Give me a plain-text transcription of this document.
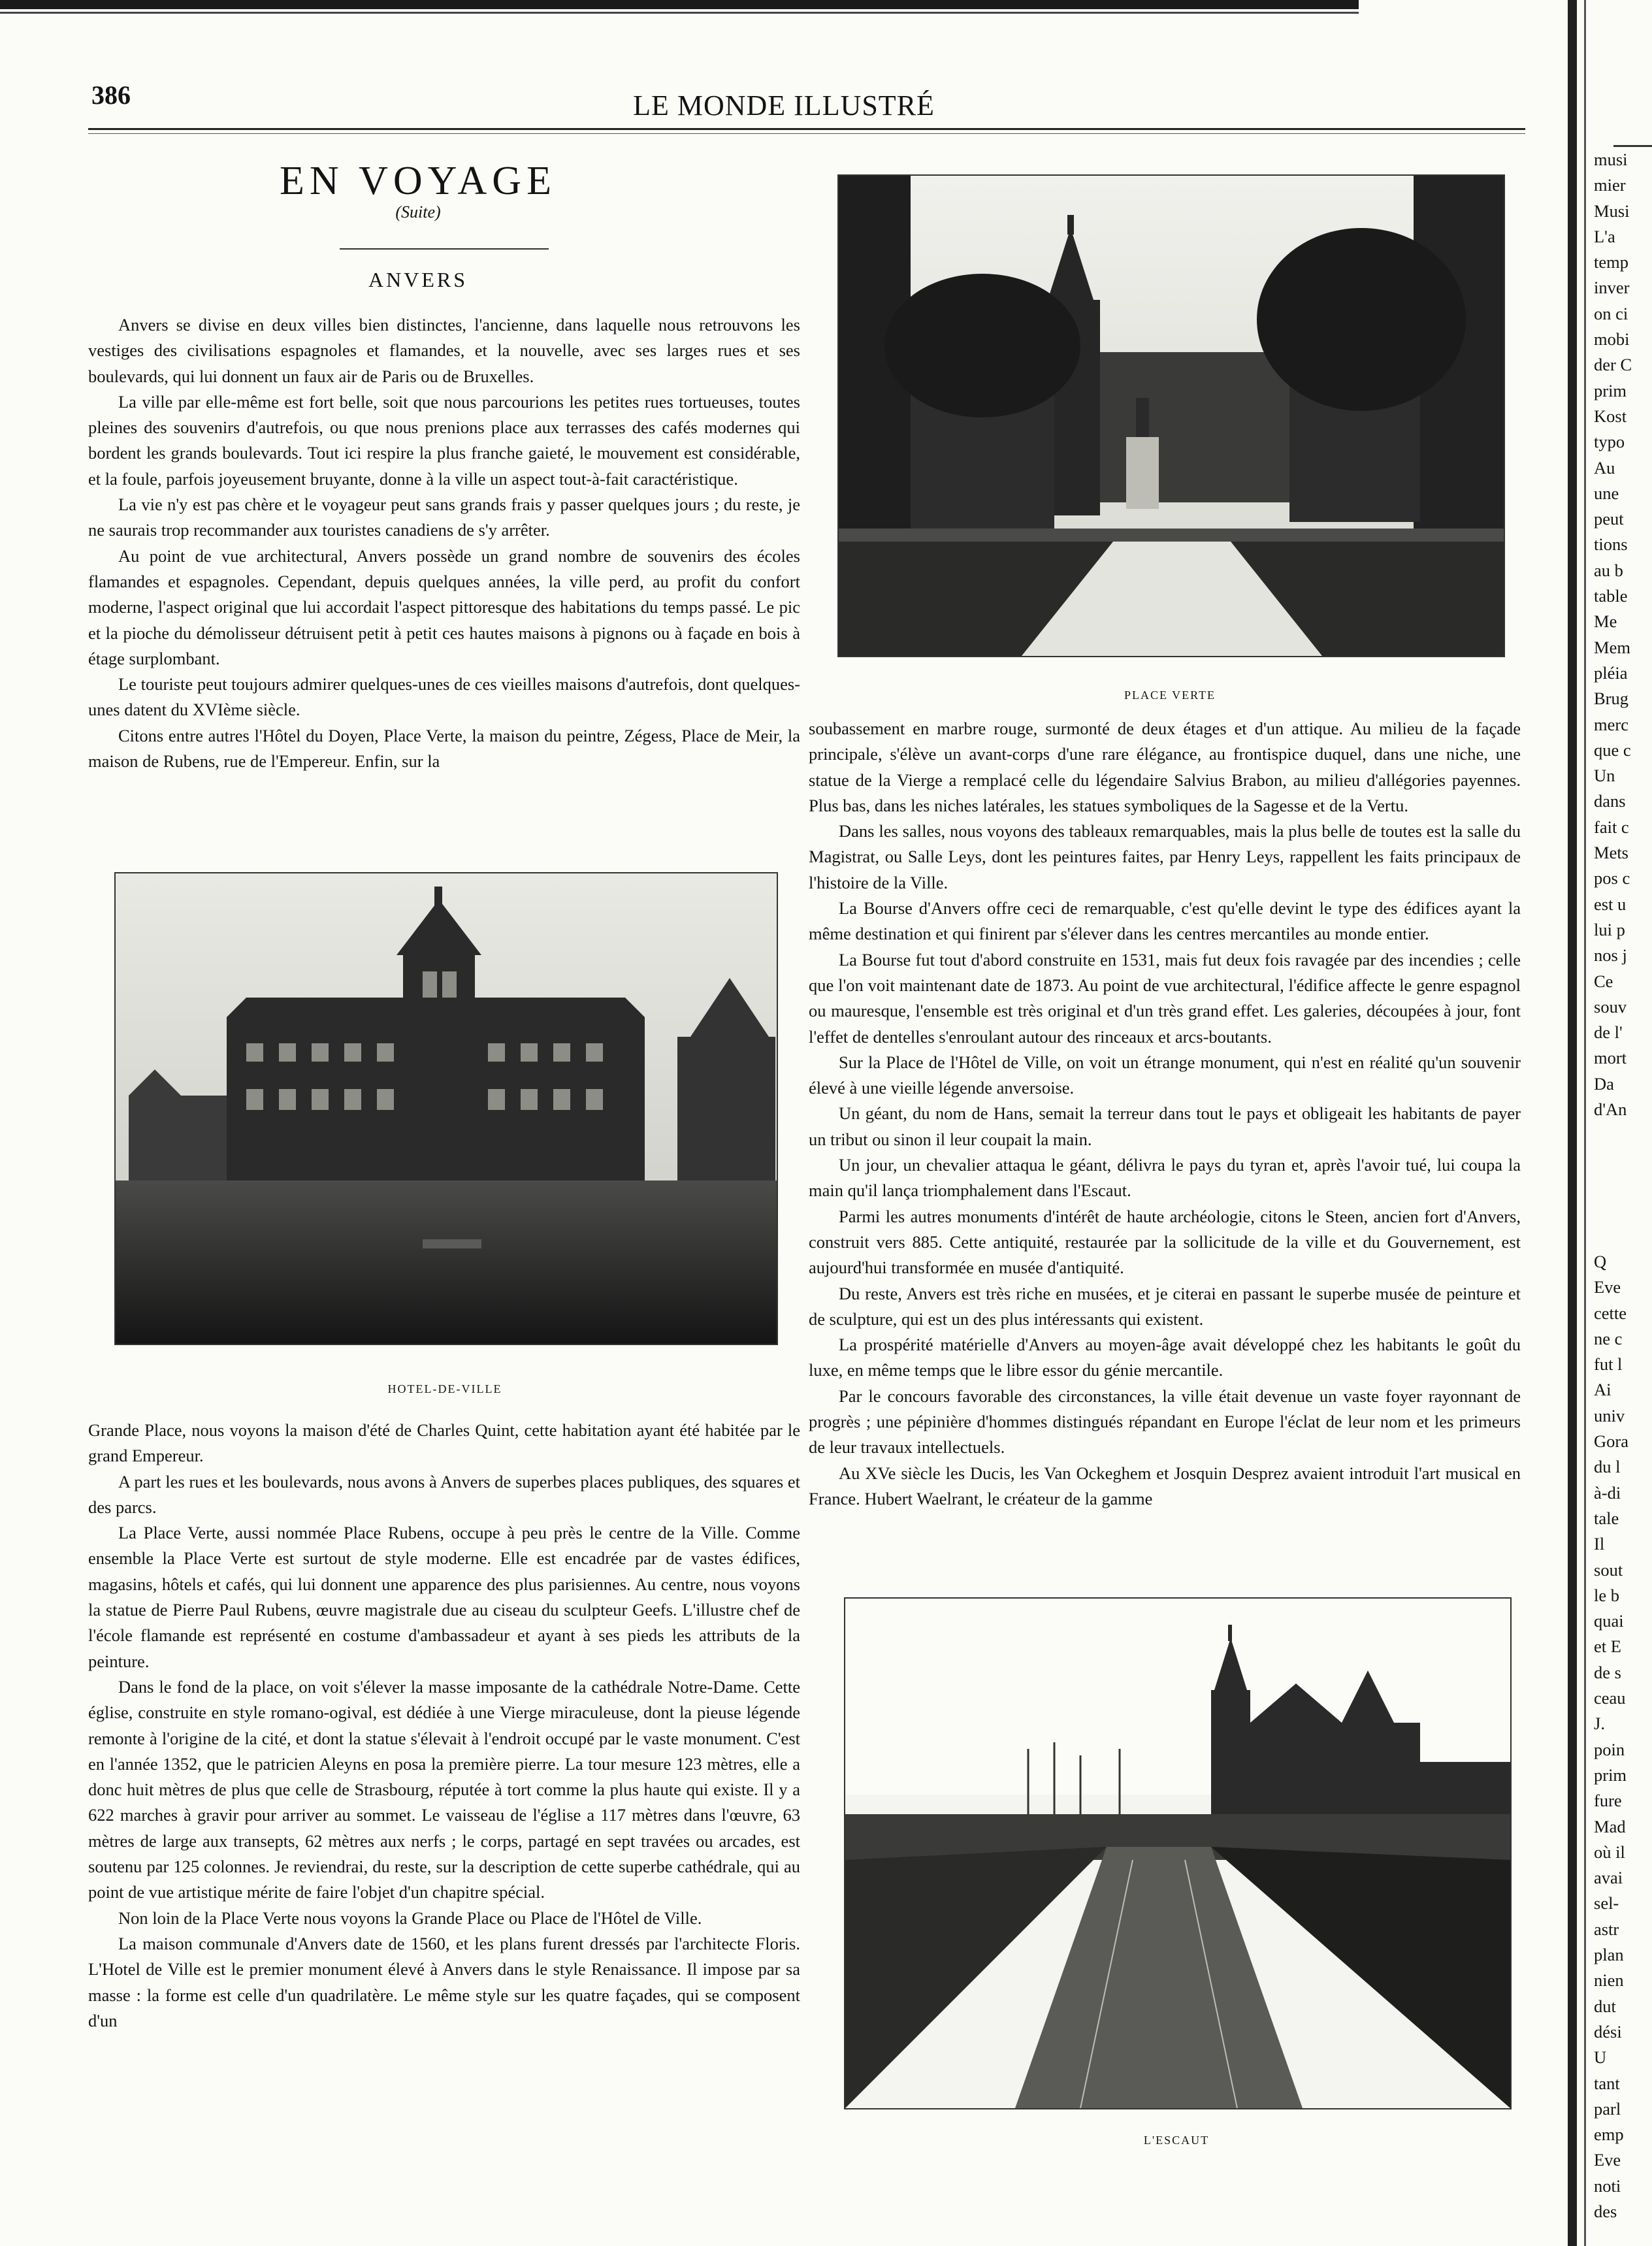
386	LE MONDE ILLUSTRÉ
EN VOYAGE
(Suite)
ANVERS

Anvers se divise en deux villes bien distinctes, l'ancienne, dans laquelle nous retrouvons les vestiges des civilisations espagnoles et flamandes, et la nouvelle, avec ses larges rues et ses boulevards, qui lui donnent un faux air de Paris ou de Bruxelles.

La ville par elle-même est fort belle, soit que nous parcourions les petites rues tortueuses, toutes pleines des souvenirs d'autrefois, ou que nous prenions place aux terrasses des cafés modernes qui bordent les grands boulevards. Tout ici respire la plus franche gaieté, le mouvement est considérable, et la foule, parfois joyeusement bruyante, donne à la ville un aspect tout-à-fait caractéristique.

La vie n'y est pas chère et le voyageur peut sans grands frais y passer quelques jours ; du reste, je ne saurais trop recommander aux touristes canadiens de s'y arrêter.

Au point de vue architectural, Anvers possède un grand nombre de souvenirs des écoles flamandes et espagnoles. Cependant, depuis quelques années, la ville perd, au profit du confort moderne, l'aspect original que lui accordait l'aspect pittoresque des habitations du temps passé. Le pic et la pioche du démolisseur détruisent petit à petit ces hautes maisons à pignons ou à façade en bois à étage surplombant.

Le touriste peut toujours admirer quelques-unes de ces vieilles maisons d'autrefois, dont quelques-unes datent du XVIème siècle.

Citons entre autres l'Hôtel du Doyen, Place Verte, la maison du peintre, Zégess, Place de Meir, la maison de Rubens, rue de l'Empereur. Enfin, sur la

HOTEL-DE-VILLE

Grande Place, nous voyons la maison d'été de Charles Quint, cette habitation ayant été habitée par le grand Empereur.

A part les rues et les boulevards, nous avons à Anvers de superbes places publiques, des squares et des parcs.

La Place Verte, aussi nommée Place Rubens, occupe à peu près le centre de la Ville. Comme ensemble la Place Verte est surtout de style moderne. Elle est encadrée par de vastes édifices, magasins, hôtels et cafés, qui lui donnent une apparence des plus parisiennes. Au centre, nous voyons la statue de Pierre Paul Rubens, œuvre magistrale due au ciseau du sculpteur Geefs. L'illustre chef de l'école flamande est représenté en costume d'ambassadeur et ayant à ses pieds les attributs de la peinture.

Dans le fond de la place, on voit s'élever la masse imposante de la cathédrale Notre-Dame. Cette église, construite en style romano-ogival, est dédiée à une Vierge miraculeuse, dont la pieuse légende remonte à l'origine de la cité, et dont la statue s'élevait à l'endroit occupé par le vaste monument. C'est en l'année 1352, que le patricien Aleyns en posa la première pierre. La tour mesure 123 mètres, elle a donc huit mètres de plus que celle de Strasbourg, réputée à tort comme la plus haute qui existe. Il y a 622 marches à gravir pour arriver au sommet. Le vaisseau de l'église a 117 mètres dans l'œuvre, 63 mètres de large aux transepts, 62 mètres aux nerfs ; le corps, partagé en sept travées ou arcades, est soutenu par 125 colonnes. Je reviendrai, du reste, sur la description de cette superbe cathédrale, qui au point de vue artistique mérite de faire l'objet d'un chapitre spécial.

Non loin de la Place Verte nous voyons la Grande Place ou Place de l'Hôtel de Ville.

La maison communale d'Anvers date de 1560, et les plans furent dressés par l'architecte Floris. L'Hotel de Ville est le premier monument élevé à Anvers dans le style Renaissance. Il impose par sa masse : la forme est celle d'un quadrilatère. Le même style sur les quatre façades, qui se composent d'un

PLACE VERTE

soubassement en marbre rouge, surmonté de deux étages et d'un attique. Au milieu de la façade principale, s'élève un avant-corps d'une rare élégance, au frontispice duquel, dans une niche, une statue de la Vierge a remplacé celle du légendaire Salvius Brabon, au milieu d'allégories payennes. Plus bas, dans les niches latérales, les statues symboliques de la Sagesse et de la Vertu.

Dans les salles, nous voyons des tableaux remarquables, mais la plus belle de toutes est la salle du Magistrat, ou Salle Leys, dont les peintures faites, par Henry Leys, rappellent les faits principaux de l'histoire de la Ville.

La Bourse d'Anvers offre ceci de remarquable, c'est qu'elle devint le type des édifices ayant la même destination et qui finirent par s'élever dans les centres mercantiles au monde entier.

La Bourse fut tout d'abord construite en 1531, mais fut deux fois ravagée par des incendies ; celle que l'on voit maintenant date de 1873. Au point de vue architectural, l'édifice affecte le genre espagnol ou mauresque, l'ensemble est très original et d'un très grand effet. Les galeries, découpées à jour, font l'effet de dentelles s'enroulant autour des rinceaux et arcs-boutants.

Sur la Place de l'Hôtel de Ville, on voit un étrange monument, qui n'est en réalité qu'un souvenir élevé à une vieille légende anversoise.

Un géant, du nom de Hans, semait la terreur dans tout le pays et obligeait les habitants de payer un tribut ou sinon il leur coupait la main.

Un jour, un chevalier attaqua le géant, délivra le pays du tyran et, après l'avoir tué, lui coupa la main qu'il lança triomphalement dans l'Escaut.

Parmi les autres monuments d'intérêt de haute archéologie, citons le Steen, ancien fort d'Anvers, construit vers 885. Cette antiquité, restaurée par la sollicitude de la ville et du Gouvernement, est aujourd'hui transformée en musée d'antiquité.

Du reste, Anvers est très riche en musées, et je citerai en passant le superbe musée de peinture et de sculpture, qui est un des plus intéressants qui existent.

La prospérité matérielle d'Anvers au moyen-âge avait développé chez les habitants le goût du luxe, en même temps que le libre essor du génie mercantile.

Par le concours favorable des circonstances, la ville était devenue un vaste foyer rayonnant de progrès ; une pépinière d'hommes distingués répandant en Europe l'éclat de leur nom et les primeurs de leur travaux intellectuels.

Au XVe siècle les Ducis, les Van Ockeghem et Josquin Desprez avaient introduit l'art musical en France. Hubert Waelrant, le créateur de la gamme

L'ESCAUT
musi
mier
Musi
L'a
temp
inver
on ci
mobi
der C
prim
Kost
typo
Au
une
peut
tions
au b
table
Me
Mem
pléia
Brug
merc
que c
Un
dans
fait c
Mets
pos c
est u
lui p
nos j
Ce
souv
de l'
mort
Da
d'An
Q
Eve
cette
ne c
fut l
Ai
univ
Gora
du l
à-di
tale
Il
sout
le b
quai
et E
de s
ceau
J.
poin
prim
fure
Mad
où il
avai
sel-
astr
plan
nien
dut
dési
U
tant
parl
emp
Eve
noti
des
